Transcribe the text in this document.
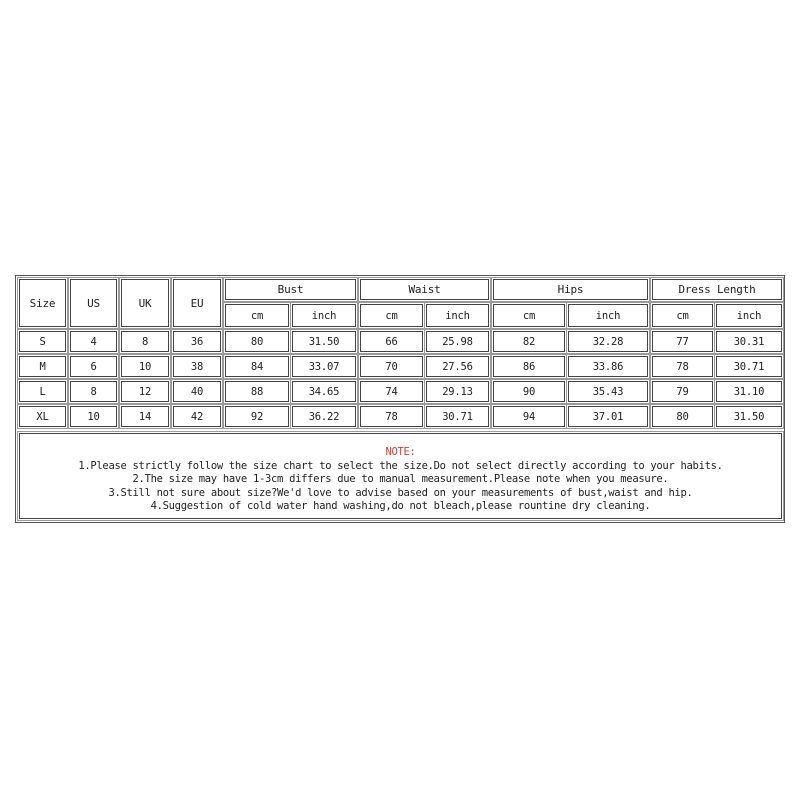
Size	US	UK	EU
Bust	Waist	Hips	Dress Length
cm	inch	cm	inch	cm	inch	cm	inch
S	4	8	36	80	31.50	66	25.98	82	32.28	77	30.31
M	6	10	38	84	33.07	70	27.56	86	33.86	78	30.71
L	8	12	40	88	34.65	74	29.13	90	35.43	79	31.10
XL	10	14	42	92	36.22	78	30.71	94	37.01	80	31.50
NOTE:
1.Please strictly follow the size chart to select the size.Do not select directly according to your habits.
2.The size may have 1-3cm differs due to manual measurement.Please note when you measure.
3.Still not sure about size?We'd love to advise based on your measurements of bust,waist and hip.
4.Suggestion of cold water hand washing,do not bleach,please rountine dry cleaning.
